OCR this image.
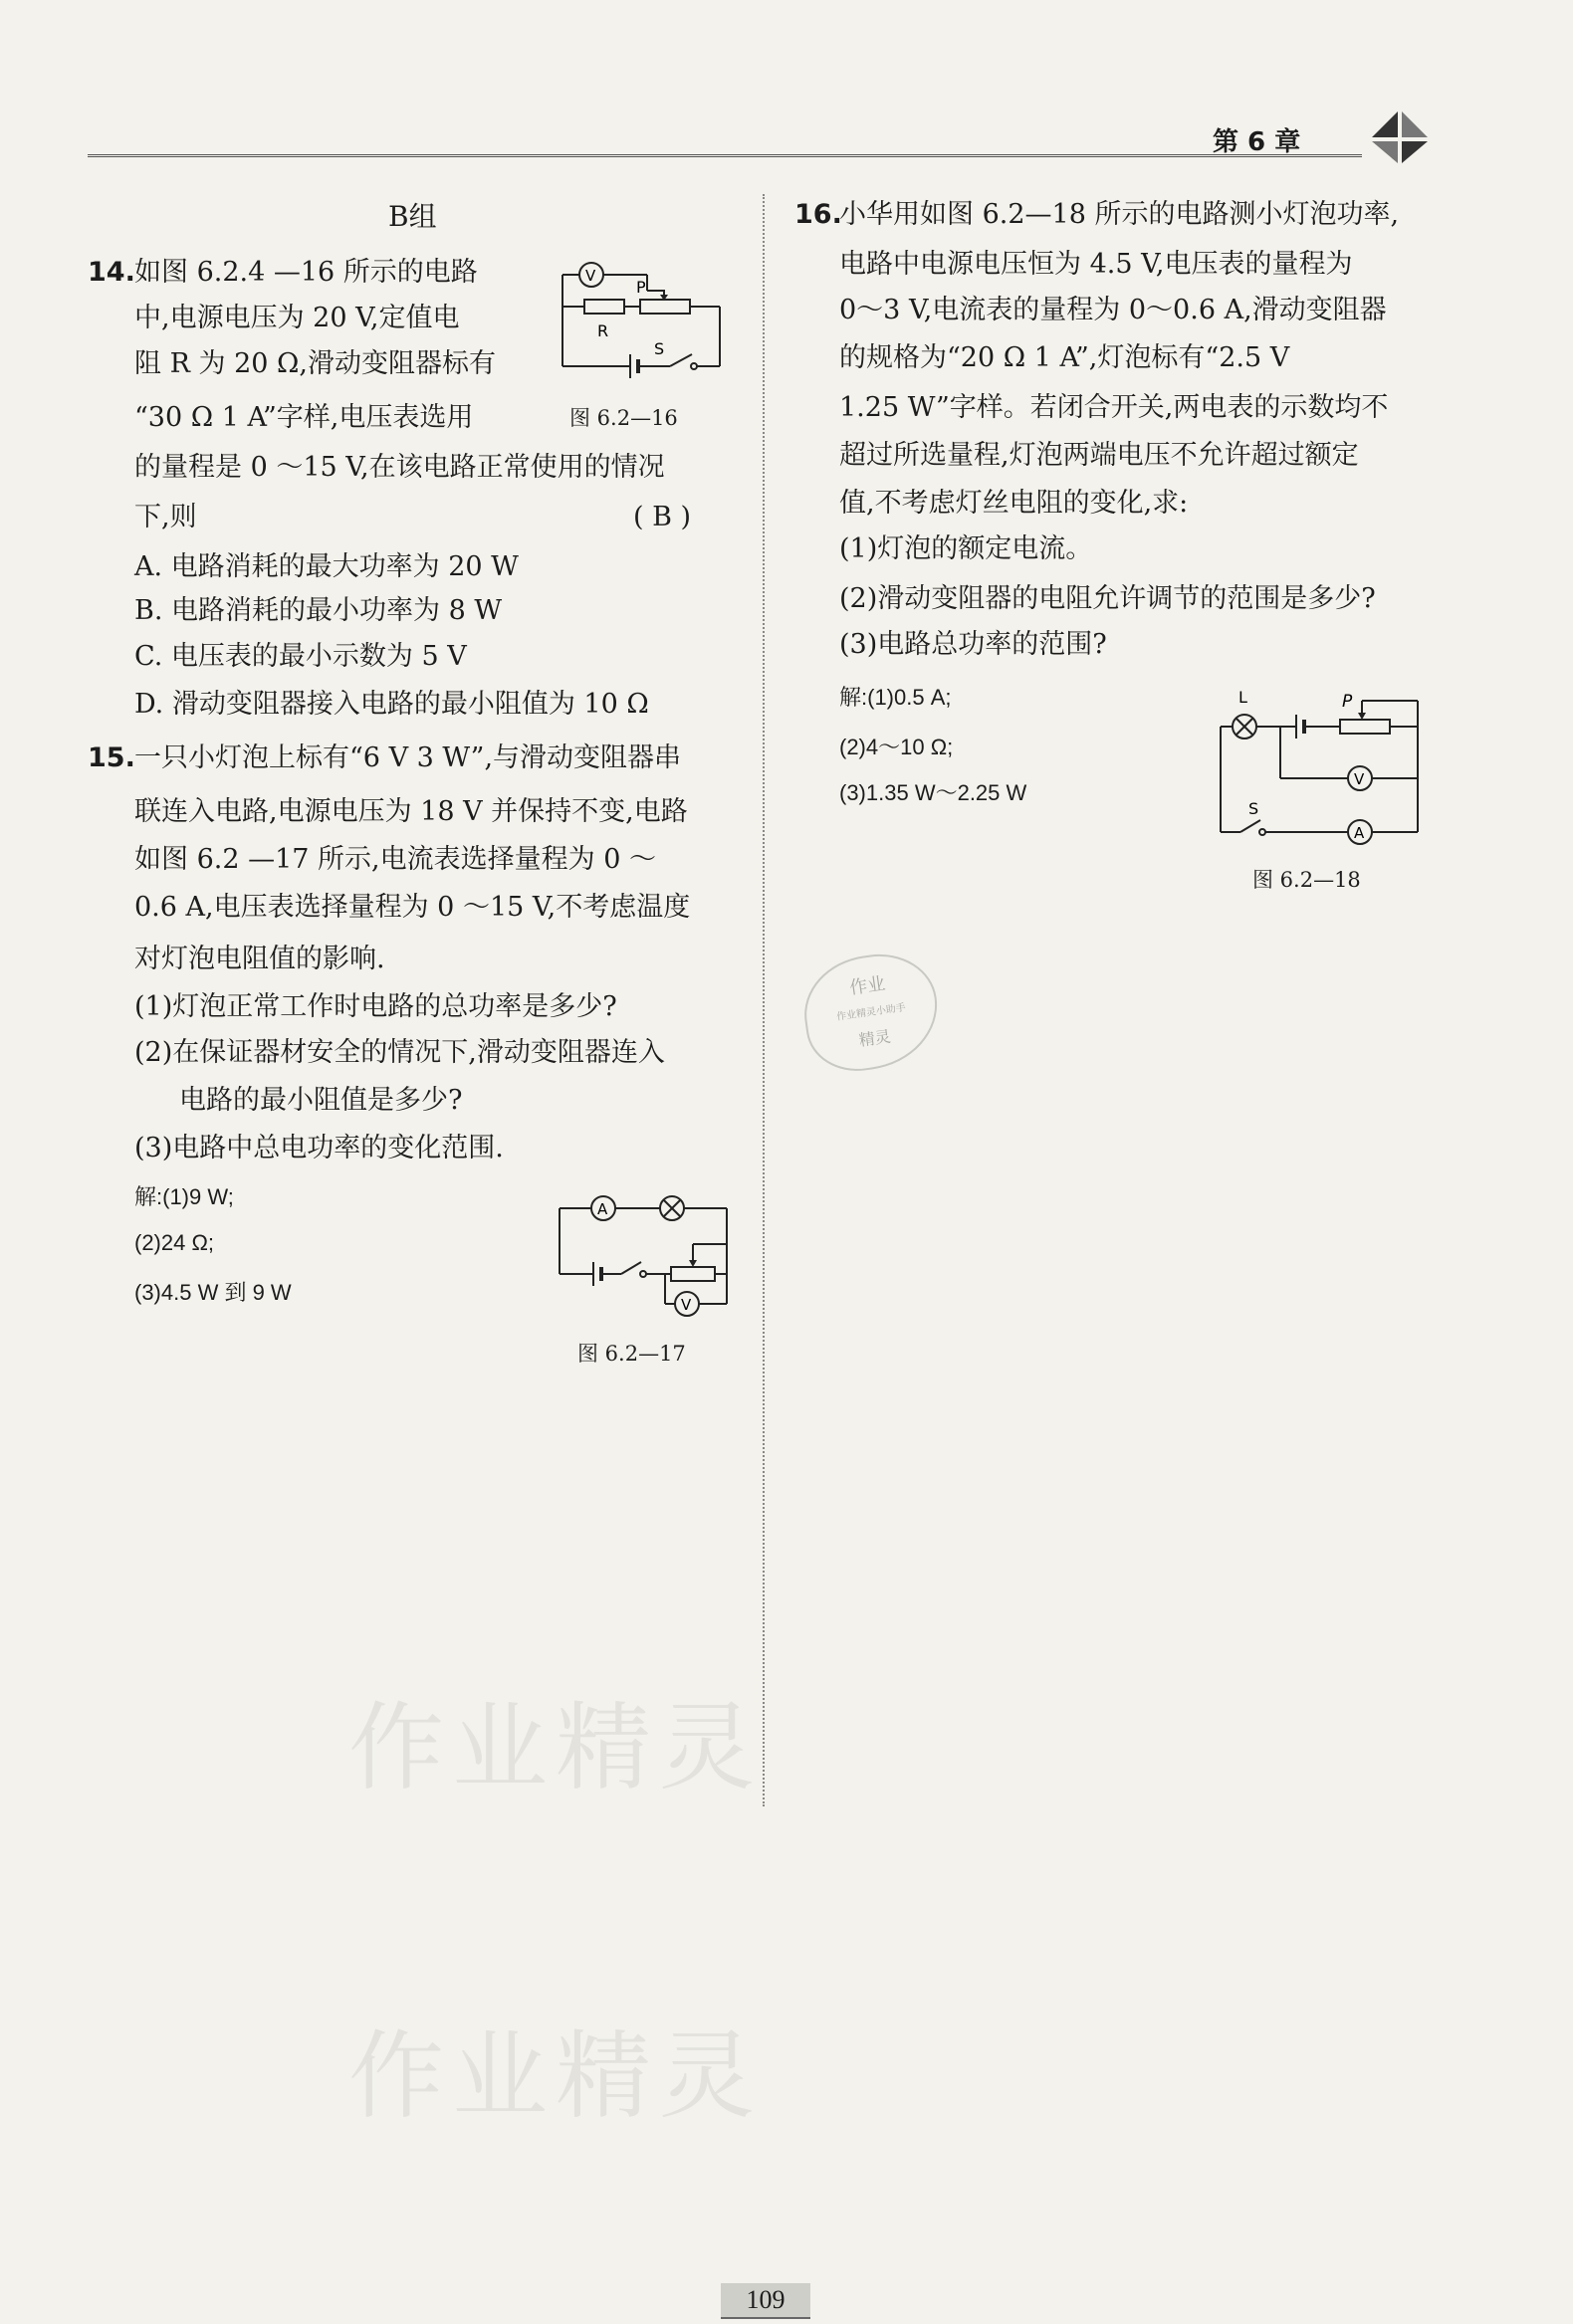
第 6 章
作业精灵
作业精灵
B组
14. 如图 6.2.4 —16 所示的电路
中,电源电压为 20 V,定值电
阻 R 为 20 Ω,滑动变阻器标有
“30 Ω 1 A”字样,电压表选用
的量程是 0 ～15 V,在该电路正常使用的情况
下,则	( B )
A. 电路消耗的最大功率为 20 W
B. 电路消耗的最小功率为 8 W
C. 电压表的最小示数为 5 V
D. 滑动变阻器接入电路的最小阻值为 10 Ω
V
P
R
S
图 6.2—16
15. 一只小灯泡上标有“6 V 3 W”,与滑动变阻器串
联连入电路,电源电压为 18 V 并保持不变,电路
如图 6.2 —17 所示,电流表选择量程为 0 ～
0.6 A,电压表选择量程为 0 ～15 V,不考虑温度
对灯泡电阻值的影响.
(1)灯泡正常工作时电路的总功率是多少?
(2)在保证器材安全的情况下,滑动变阻器连入
电路的最小阻值是多少?
(3)电路中总电功率的变化范围.
解:(1)9 W;
(2)24 Ω;
(3)4.5 W 到 9 W
A
V
图 6.2—17
16.
小华用如图 6.2—18 所示的电路测小灯泡功率,
电路中电源电压恒为 4.5 V,电压表的量程为
0～3 V,电流表的量程为 0～0.6 A,滑动变阻器
的规格为“20 Ω 1 A”,灯泡标有“2.5 V
1.25 W”字样。若闭合开关,两电表的示数均不
超过所选量程,灯泡两端电压不允许超过额定
值,不考虑灯丝电阻的变化,求:
(1)灯泡的额定电流。
(2)滑动变阻器的电阻允许调节的范围是多少?
(3)电路总功率的范围?
解:(1)0.5 A;
(2)4～10 Ω;
(3)1.35 W～2.25 W
L	P
V
A
S
图 6.2—18
作业
作业精灵小助手
精灵
109
